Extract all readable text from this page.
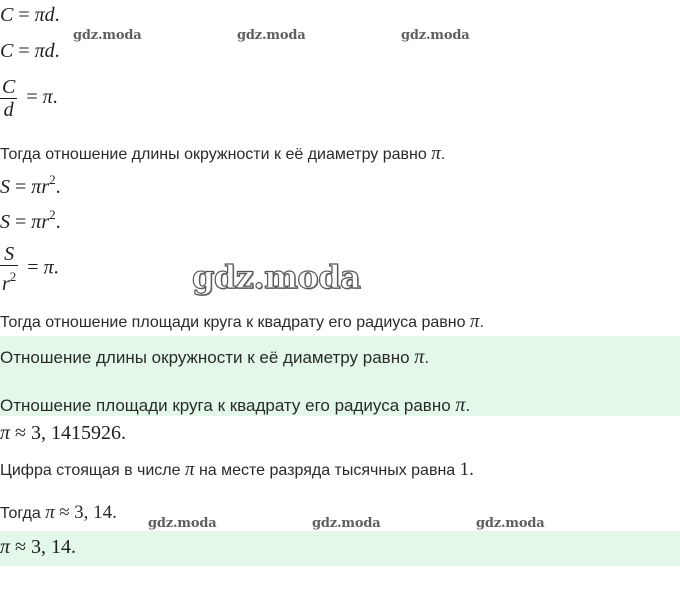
gdz.moda	gdz.moda	gdz.moda
gdz.moda
gdz.moda	gdz.moda	gdz.moda
C = πd.
C = πd.
$\frac{C}{d} = \pi$.
Тогда отношение длины окружности к её диаметру равно π.
$S = \pi r^2$.
$S = \pi r^2$.
$\frac{S}{r^2} = \pi$.
Тогда отношение площади круга к квадрату его радиуса равно π.
Отношение длины окружности к её диаметру равно π.
Отношение площади круга к квадрату его радиуса равно π.
π ≈ 3, 1415926.
Цифра стоящая в числе π на месте разряда тысячных равна 1.
Тогда π ≈ 3, 14.
π ≈ 3, 14.
